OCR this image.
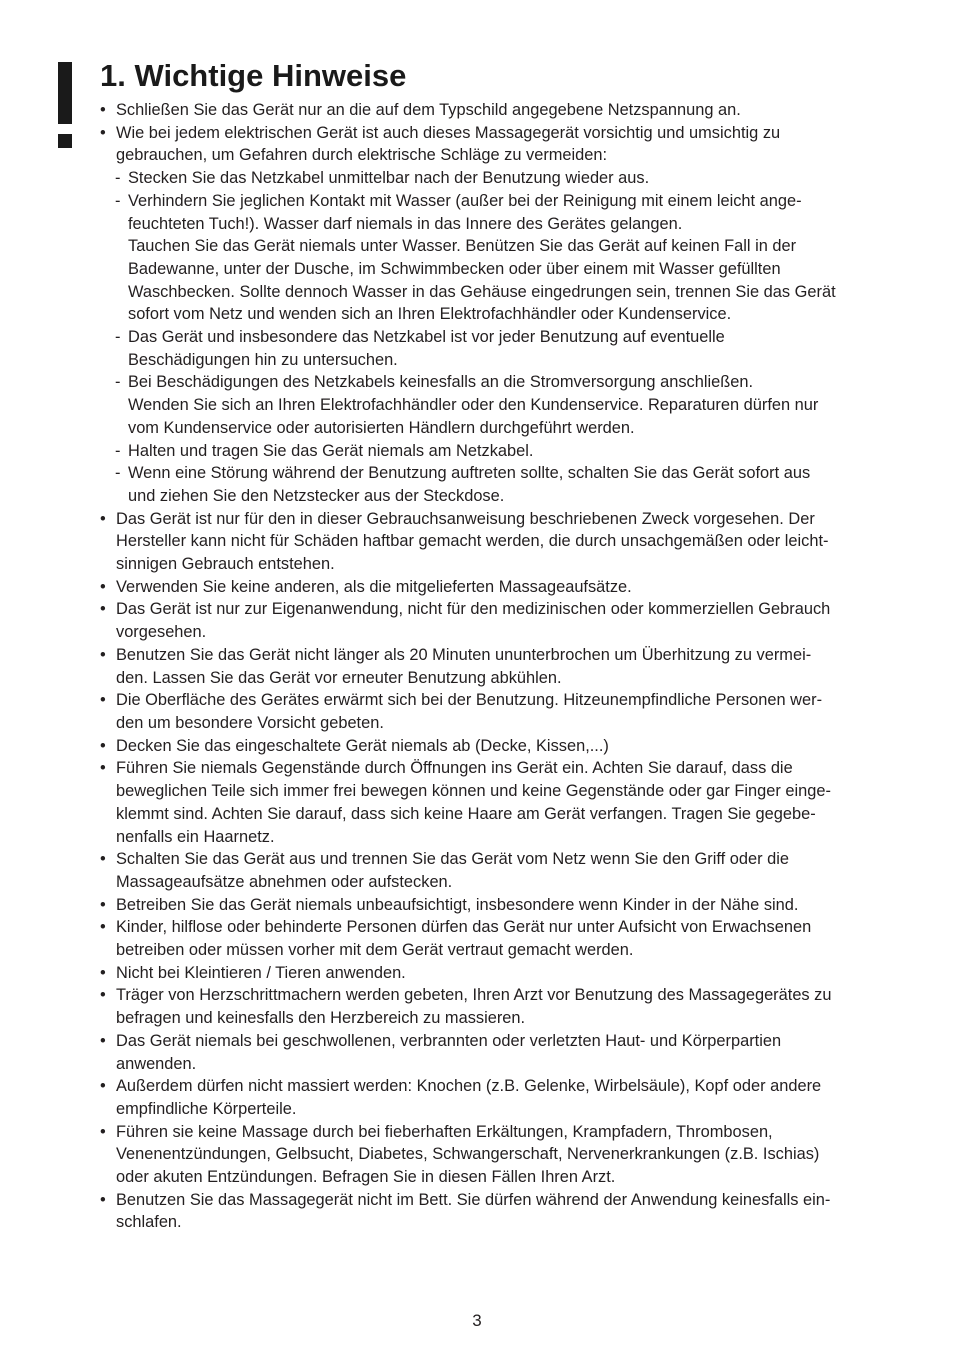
1. Wichtige Hinweise
• Schließen Sie das Gerät nur an die auf dem Typschild angegebene Netzspannung an.
• Wie bei jedem elektrischen Gerät ist auch dieses Massagegerät vorsichtig und umsichtig zu
gebrauchen, um Gefahren durch elektrische Schläge zu vermeiden:
- Stecken Sie das Netzkabel unmittelbar nach der Benutzung wieder aus.
- Verhindern Sie jeglichen Kontakt mit Wasser (außer bei der Reinigung mit einem leicht ange-
feuchteten Tuch!). Wasser darf niemals in das Innere des Gerätes gelangen.
Tauchen Sie das Gerät niemals unter Wasser. Benützen Sie das Gerät auf keinen Fall in der
Badewanne, unter der Dusche, im Schwimmbecken oder über einem mit Wasser gefüllten
Waschbecken. Sollte dennoch Wasser in das Gehäuse eingedrungen sein, trennen Sie das Gerät
sofort vom Netz und wenden sich an Ihren Elektrofachhändler oder Kundenservice.
- Das Gerät und insbesondere das Netzkabel ist vor jeder Benutzung auf eventuelle
Beschädigungen hin zu untersuchen.
- Bei Beschädigungen des Netzkabels keinesfalls an die Stromversorgung anschließen.
Wenden Sie sich an Ihren Elektrofachhändler oder den Kundenservice. Reparaturen dürfen nur
vom Kundenservice oder autorisierten Händlern durchgeführt werden.
- Halten und tragen Sie das Gerät niemals am Netzkabel.
- Wenn eine Störung während der Benutzung auftreten sollte, schalten Sie das Gerät sofort aus
und ziehen Sie den Netzstecker aus der Steckdose.
• Das Gerät ist nur für den in dieser Gebrauchsanweisung beschriebenen Zweck vorgesehen. Der
Hersteller kann nicht für Schäden haftbar gemacht werden, die durch unsachgemäßen oder leicht-
sinnigen Gebrauch entstehen.
• Verwenden Sie keine anderen, als die mitgelieferten Massageaufsätze.
• Das Gerät ist nur zur Eigenanwendung, nicht für den medizinischen oder kommerziellen Gebrauch
vorgesehen.
• Benutzen Sie das Gerät nicht länger als 20 Minuten ununterbrochen um Überhitzung zu vermei-
den. Lassen Sie das Gerät vor erneuter Benutzung abkühlen.
• Die Oberfläche des Gerätes erwärmt sich bei der Benutzung. Hitzeunempfindliche Personen wer-
den um besondere Vorsicht gebeten.
• Decken Sie das eingeschaltete Gerät niemals ab (Decke, Kissen,...)
• Führen Sie niemals Gegenstände durch Öffnungen ins Gerät ein. Achten Sie darauf, dass die
beweglichen Teile sich immer frei bewegen können und keine Gegenstände oder gar Finger einge-
klemmt sind. Achten Sie darauf, dass sich keine Haare am Gerät verfangen. Tragen Sie gegebe-
nenfalls ein Haarnetz.
• Schalten Sie das Gerät aus und trennen Sie das Gerät vom Netz wenn Sie den Griff oder die
Massageaufsätze abnehmen oder aufstecken.
• Betreiben Sie das Gerät niemals unbeaufsichtigt, insbesondere wenn Kinder in der Nähe sind.
• Kinder, hilflose oder behinderte Personen dürfen das Gerät nur unter Aufsicht von Erwachsenen
betreiben oder müssen vorher mit dem Gerät vertraut gemacht werden.
• Nicht bei Kleintieren / Tieren anwenden.
• Träger von Herzschrittmachern werden gebeten, Ihren Arzt vor Benutzung des Massagegerätes zu
befragen und keinesfalls den Herzbereich zu massieren.
• Das Gerät niemals bei geschwollenen, verbrannten oder verletzten Haut- und Körperpartien
anwenden.
• Außerdem dürfen nicht massiert werden: Knochen (z.B. Gelenke, Wirbelsäule), Kopf oder andere
empfindliche Körperteile.
• Führen sie keine Massage durch bei fieberhaften Erkältungen, Krampfadern, Thrombosen,
Venenentzündungen, Gelbsucht, Diabetes, Schwangerschaft, Nervenerkrankungen (z.B. Ischias)
oder akuten Entzündungen. Befragen Sie in diesen Fällen Ihren Arzt.
• Benutzen Sie das Massagegerät nicht im Bett. Sie dürfen während der Anwendung keinesfalls ein-
schlafen.
3
